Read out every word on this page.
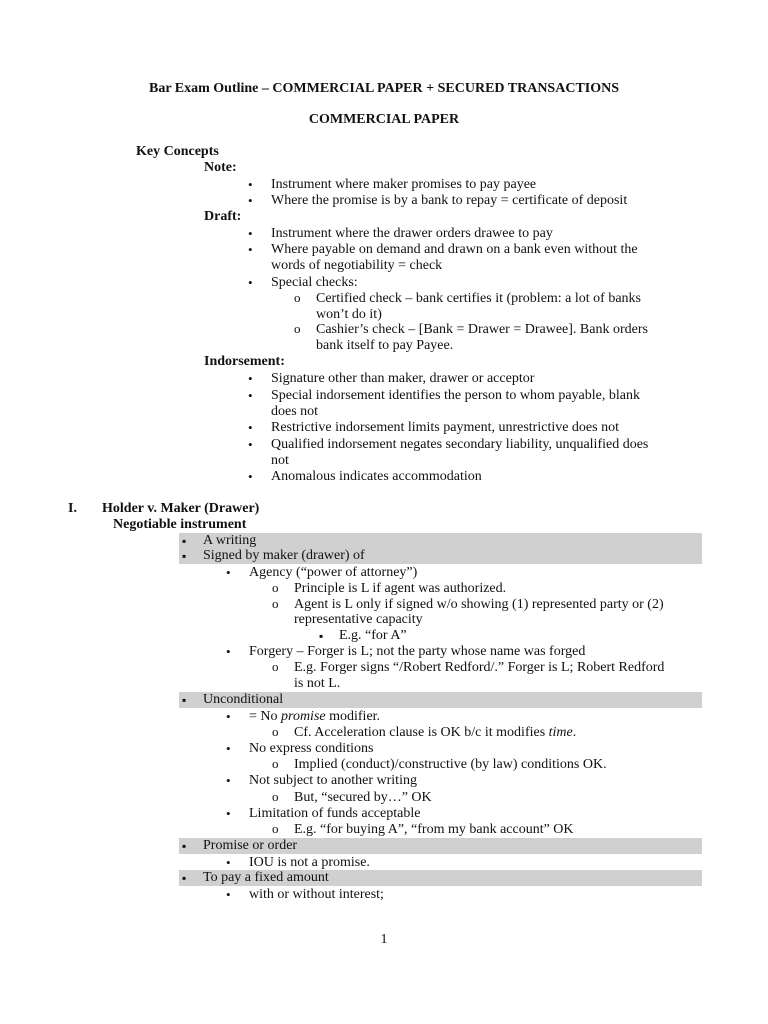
Bar Exam Outline – COMMERCIAL PAPER + SECURED TRANSACTIONS
COMMERCIAL PAPER
Key Concepts
Note:
• Instrument where maker promises to pay payee
• Where the promise is by a bank to repay = certificate of deposit
Draft:
• Instrument where the drawer orders drawee to pay
• Where payable on demand and drawn on a bank even without the
words of negotiability = check
• Special checks:
o Certified check – bank certifies it (problem: a lot of banks
won’t do it)
o Cashier’s check – [Bank = Drawer = Drawee]. Bank orders
bank itself to pay Payee.
Indorsement:
• Signature other than maker, drawer or acceptor
• Special indorsement identifies the person to whom payable, blank
does not
• Restrictive indorsement limits payment, unrestrictive does not
• Qualified indorsement negates secondary liability, unqualified does
not
• Anomalous indicates accommodation
I. Holder v. Maker (Drawer)
Negotiable instrument
▪ A writing
▪ Signed by maker (drawer) of
• Agency (“power of attorney”)
o Principle is L if agent was authorized.
o Agent is L only if signed w/o showing (1) represented party or (2)
representative capacity
▪ E.g. “for A”
• Forgery – Forger is L; not the party whose name was forged
o E.g. Forger signs “/Robert Redford/.” Forger is L; Robert Redford
is not L.
▪ Unconditional
• = No promise modifier.
o Cf. Acceleration clause is OK b/c it modifies time.
• No express conditions
o Implied (conduct)/constructive (by law) conditions OK.
• Not subject to another writing
o But, “secured by…” OK
• Limitation of funds acceptable
o E.g. “for buying A”, “from my bank account” OK
▪ Promise or order
• IOU is not a promise.
▪ To pay a fixed amount
• with or without interest;
1
